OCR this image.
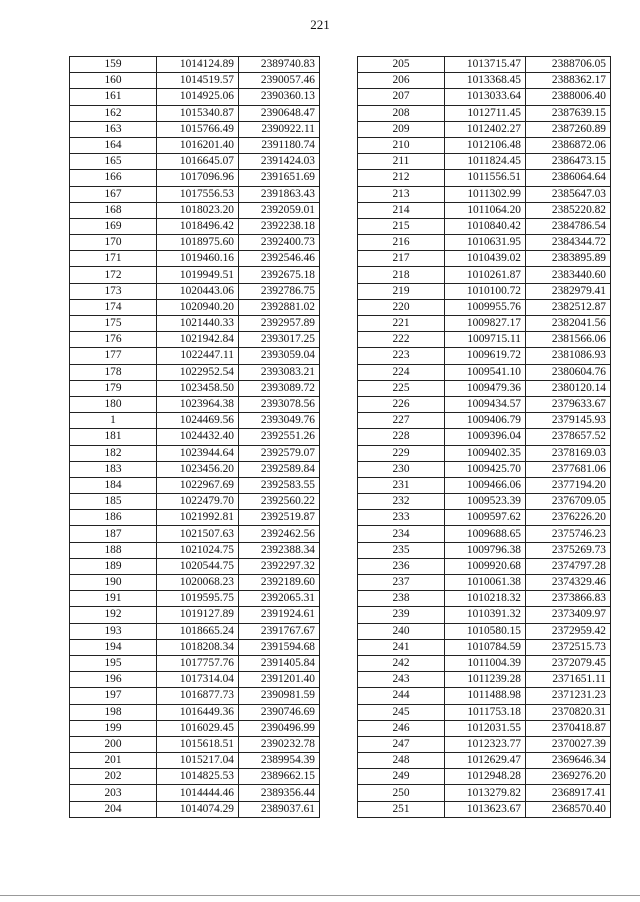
221
159	1014124.89	2389740.83
160	1014519.57	2390057.46
161	1014925.06	2390360.13
162	1015340.87	2390648.47
163	1015766.49	2390922.11
164	1016201.40	2391180.74
165	1016645.07	2391424.03
166	1017096.96	2391651.69
167	1017556.53	2391863.43
168	1018023.20	2392059.01
169	1018496.42	2392238.18
170	1018975.60	2392400.73
171	1019460.16	2392546.46
172	1019949.51	2392675.18
173	1020443.06	2392786.75
174	1020940.20	2392881.02
175	1021440.33	2392957.89
176	1021942.84	2393017.25
177	1022447.11	2393059.04
178	1022952.54	2393083.21
179	1023458.50	2393089.72
180	1023964.38	2393078.56
1	1024469.56	2393049.76
181	1024432.40	2392551.26
182	1023944.64	2392579.07
183	1023456.20	2392589.84
184	1022967.69	2392583.55
185	1022479.70	2392560.22
186	1021992.81	2392519.87
187	1021507.63	2392462.56
188	1021024.75	2392388.34
189	1020544.75	2392297.32
190	1020068.23	2392189.60
191	1019595.75	2392065.31
192	1019127.89	2391924.61
193	1018665.24	2391767.67
194	1018208.34	2391594.68
195	1017757.76	2391405.84
196	1017314.04	2391201.40
197	1016877.73	2390981.59
198	1016449.36	2390746.69
199	1016029.45	2390496.99
200	1015618.51	2390232.78
201	1015217.04	2389954.39
202	1014825.53	2389662.15
203	1014444.46	2389356.44
204	1014074.29	2389037.61
205	1013715.47	2388706.05
206	1013368.45	2388362.17
207	1013033.64	2388006.40
208	1012711.45	2387639.15
209	1012402.27	2387260.89
210	1012106.48	2386872.06
211	1011824.45	2386473.15
212	1011556.51	2386064.64
213	1011302.99	2385647.03
214	1011064.20	2385220.82
215	1010840.42	2384786.54
216	1010631.95	2384344.72
217	1010439.02	2383895.89
218	1010261.87	2383440.60
219	1010100.72	2382979.41
220	1009955.76	2382512.87
221	1009827.17	2382041.56
222	1009715.11	2381566.06
223	1009619.72	2381086.93
224	1009541.10	2380604.76
225	1009479.36	2380120.14
226	1009434.57	2379633.67
227	1009406.79	2379145.93
228	1009396.04	2378657.52
229	1009402.35	2378169.03
230	1009425.70	2377681.06
231	1009466.06	2377194.20
232	1009523.39	2376709.05
233	1009597.62	2376226.20
234	1009688.65	2375746.23
235	1009796.38	2375269.73
236	1009920.68	2374797.28
237	1010061.38	2374329.46
238	1010218.32	2373866.83
239	1010391.32	2373409.97
240	1010580.15	2372959.42
241	1010784.59	2372515.73
242	1011004.39	2372079.45
243	1011239.28	2371651.11
244	1011488.98	2371231.23
245	1011753.18	2370820.31
246	1012031.55	2370418.87
247	1012323.77	2370027.39
248	1012629.47	2369646.34
249	1012948.28	2369276.20
250	1013279.82	2368917.41
251	1013623.67	2368570.40
